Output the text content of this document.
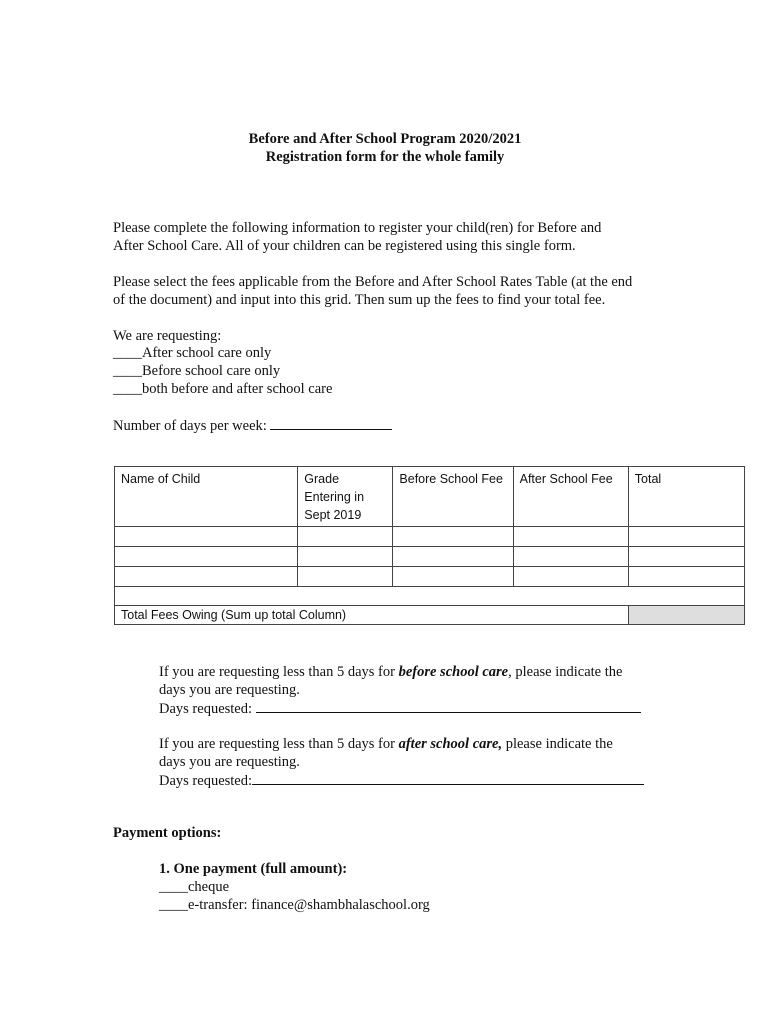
Before and After School Program 2020/2021
Registration form for the whole family
Please complete the following information to register your child(ren) for Before and
After School Care. All of your children can be registered using this single form.
Please select the fees applicable from the Before and After School Rates Table (at the end
of the document) and input into this grid. Then sum up the fees to find your total fee.
We are requesting:
____After school care only
____Before school care only
____both before and after school care
Number of days per week:
Name of Child	Grade
Entering in
Sept 2019	Before School Fee	After School Fee	Total

Total Fees Owing (Sum up total Column)				
If you are requesting less than 5 days for before school care, please indicate the
days you are requesting.
Days requested:
If you are requesting less than 5 days for after school care, please indicate the
days you are requesting.
Days requested:
Payment options:
1. One payment (full amount):
____cheque
____e-transfer: finance@shambhalaschool.org
